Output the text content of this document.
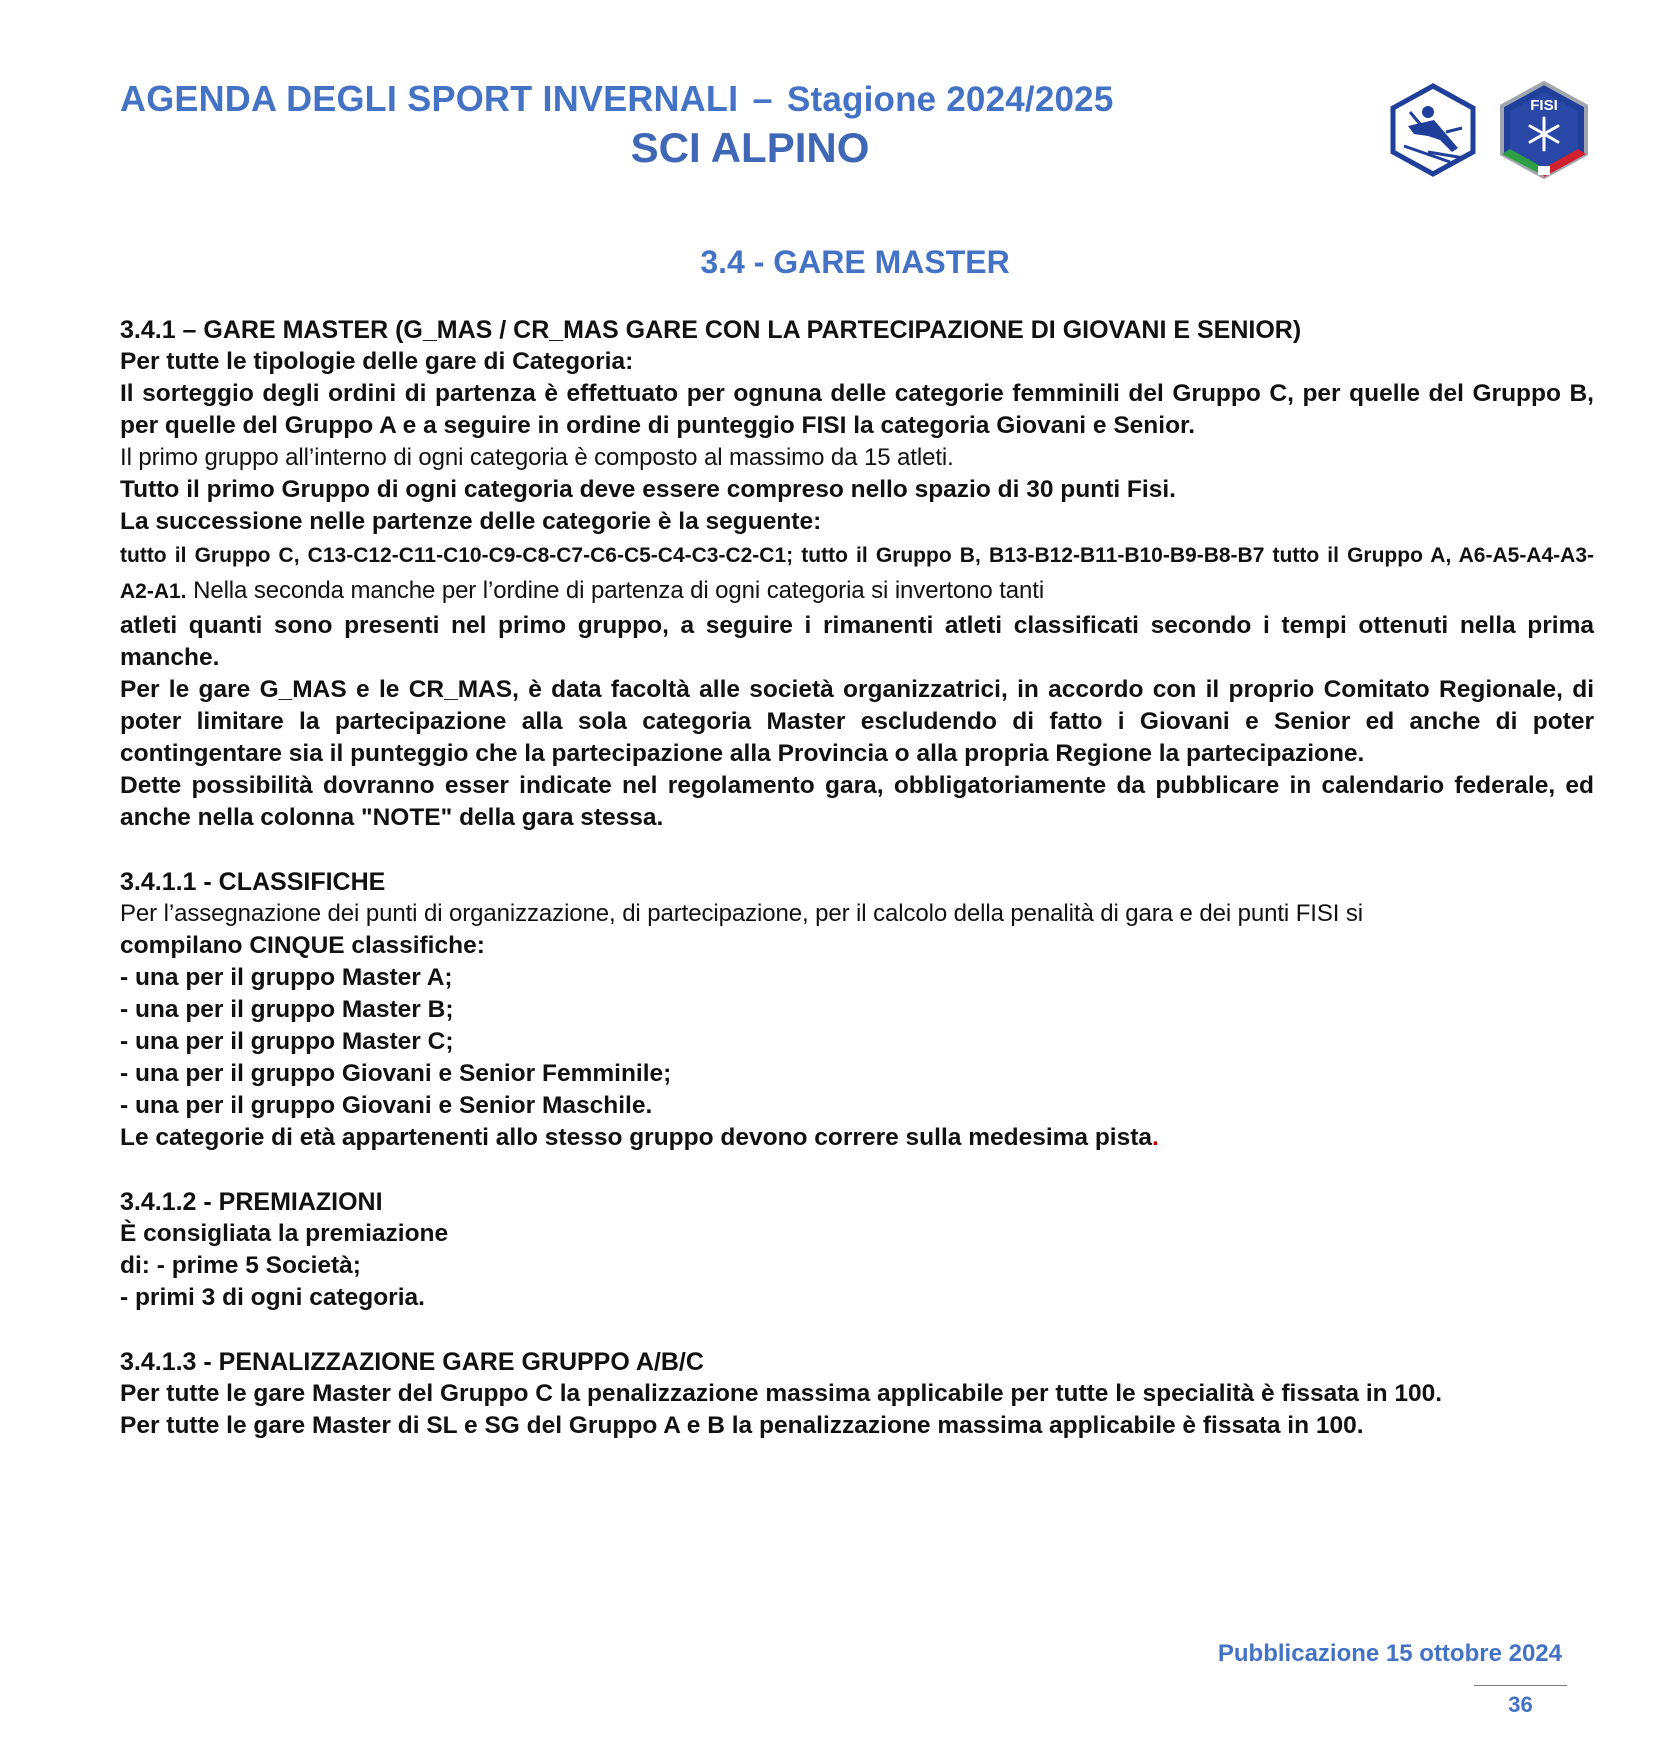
AGENDA DEGLI SPORT INVERNALI – Stagione 2024/2025
SCI ALPINO
FISI
3.4 - GARE MASTER

3.4.1 – GARE MASTER (G_MAS / CR_MAS GARE CON LA PARTECIPAZIONE DI GIOVANI E SENIOR)

Per tutte le tipologie delle gare di Categoria:

Il sorteggio degli ordini di partenza è effettuato per ognuna delle categorie femminili del Gruppo C, per quelle del Gruppo B, per quelle del Gruppo A e a seguire in ordine di punteggio FISI la categoria Giovani e Senior.

Il primo gruppo all’interno di ogni categoria è composto al massimo da 15 atleti.

Tutto il primo Gruppo di ogni categoria deve essere compreso nello spazio di 30 punti Fisi.

La successione nelle partenze delle categorie è la seguente:

tutto il Gruppo C, C13-C12-C11-C10-C9-C8-C7-C6-C5-C4-C3-C2-C1; tutto il Gruppo B, B13-B12-B11-B10-B9-B8-B7 tutto il Gruppo A, A6-A5-A4-A3-A2-A1. Nella seconda manche per l’ordine di partenza di ogni categoria si invertono tanti

atleti quanti sono presenti nel primo gruppo, a seguire i rimanenti atleti classificati secondo i tempi ottenuti nella prima manche.

Per le gare G_MAS e le CR_MAS, è data facoltà alle società organizzatrici, in accordo con il proprio Comitato Regionale, di poter limitare la partecipazione alla sola categoria Master escludendo di fatto i Giovani e Senior ed anche di poter contingentare sia il punteggio che la partecipazione alla Provincia o alla propria Regione la partecipazione.

Dette possibilità dovranno esser indicate nel regolamento gara, obbligatoriamente da pubblicare in calendario federale, ed anche nella colonna "NOTE" della gara stessa.

3.4.1.1 - CLASSIFICHE

Per l’assegnazione dei punti di organizzazione, di partecipazione, per il calcolo della penalità di gara e dei punti FISI si

compilano CINQUE classifiche:

- una per il gruppo Master A;

- una per il gruppo Master B;

- una per il gruppo Master C;

- una per il gruppo Giovani e Senior Femminile;

- una per il gruppo Giovani e Senior Maschile.

Le categorie di età appartenenti allo stesso gruppo devono correre sulla medesima pista.

3.4.1.2 - PREMIAZIONI

È consigliata la premiazione

di: - prime 5 Società;

- primi 3 di ogni categoria.

3.4.1.3 - PENALIZZAZIONE GARE GRUPPO A/B/C

Per tutte le gare Master del Gruppo C la penalizzazione massima applicabile per tutte le specialità è fissata in 100.

Per tutte le gare Master di SL e SG del Gruppo A e B la penalizzazione massima applicabile è fissata in 100.

Pubblicazione 15 ottobre 2024
36
